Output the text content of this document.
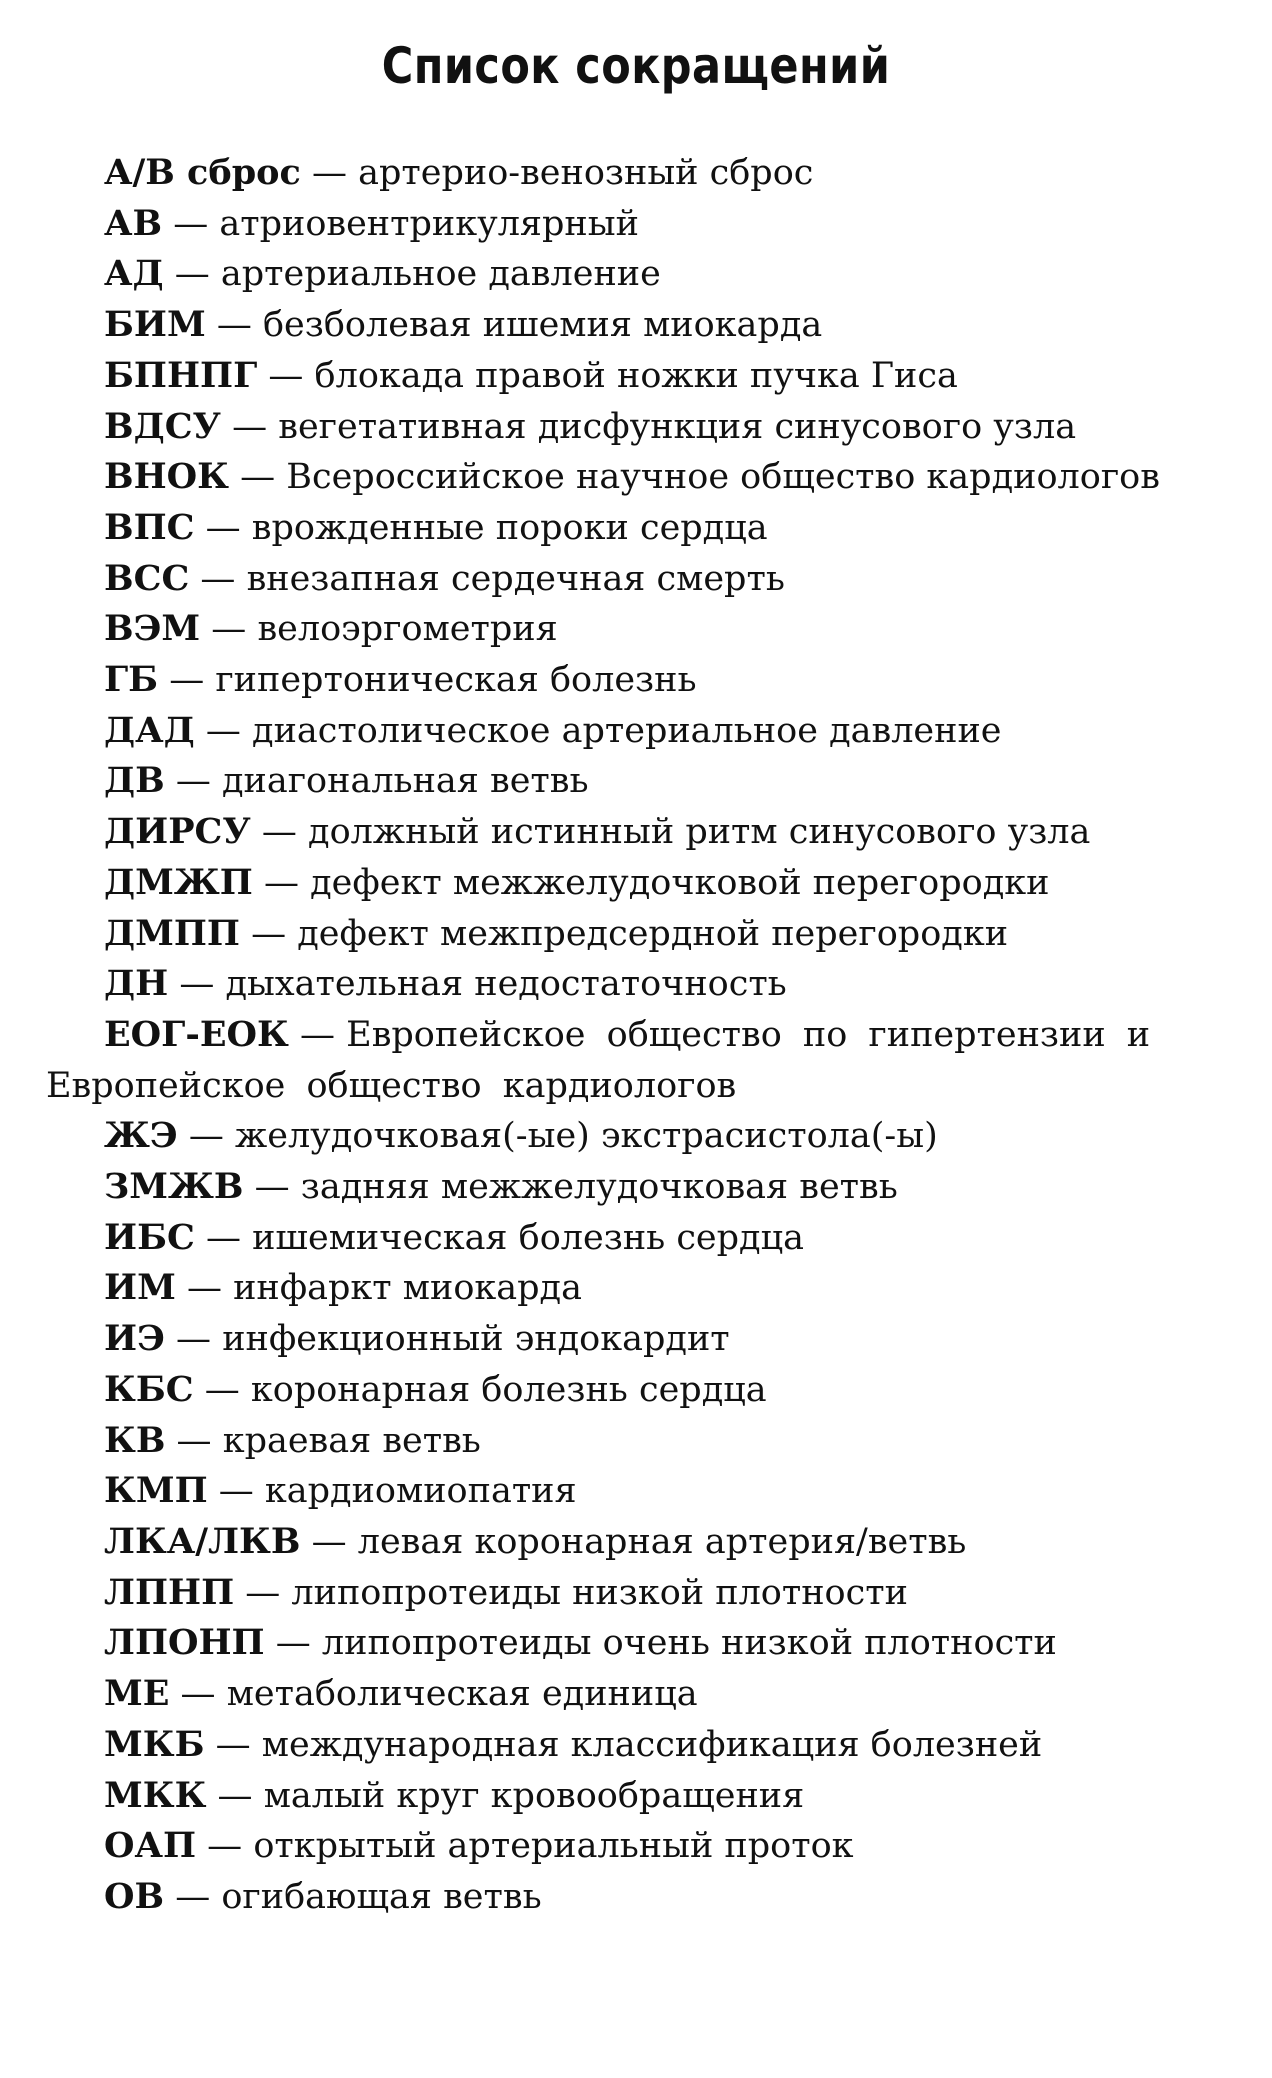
Список сокращений
А/В сброс — артерио-венозный сброс
АВ — атриовентрикулярный
АД — артериальное давление
БИМ — безболевая ишемия миокарда
БПНПГ — блокада правой ножки пучка Гиса
ВДСУ — вегетативная дисфункция синусового узла
ВНОК — Всероссийское научное общество кардиологов
ВПС — врожденные пороки сердца
ВСС — внезапная сердечная смерть
ВЭМ — велоэргометрия
ГБ — гипертоническая болезнь
ДАД — диастолическое артериальное давление
ДВ — диагональная ветвь
ДИРСУ — должный истинный ритм синусового узла
ДМЖП — дефект межжелудочковой перегородки
ДМПП — дефект межпредсердной перегородки
ДН — дыхательная недостаточность
ЕОГ-ЕОК — Европейское общество по гипертензии и Европейское общество кардиологов
ЖЭ — желудочковая(-ые) экстрасистола(-ы)
ЗМЖВ — задняя межжелудочковая ветвь
ИБС — ишемическая болезнь сердца
ИМ — инфаркт миокарда
ИЭ — инфекционный эндокардит
КБС — коронарная болезнь сердца
КВ — краевая ветвь
КМП — кардиомиопатия
ЛКА/ЛКВ — левая коронарная артерия/ветвь
ЛПНП — липопротеиды низкой плотности
ЛПОНП — липопротеиды очень низкой плотности
МЕ — метаболическая единица
МКБ — международная классификация болезней
МКК — малый круг кровообращения
ОАП — открытый артериальный проток
ОВ — огибающая ветвь
